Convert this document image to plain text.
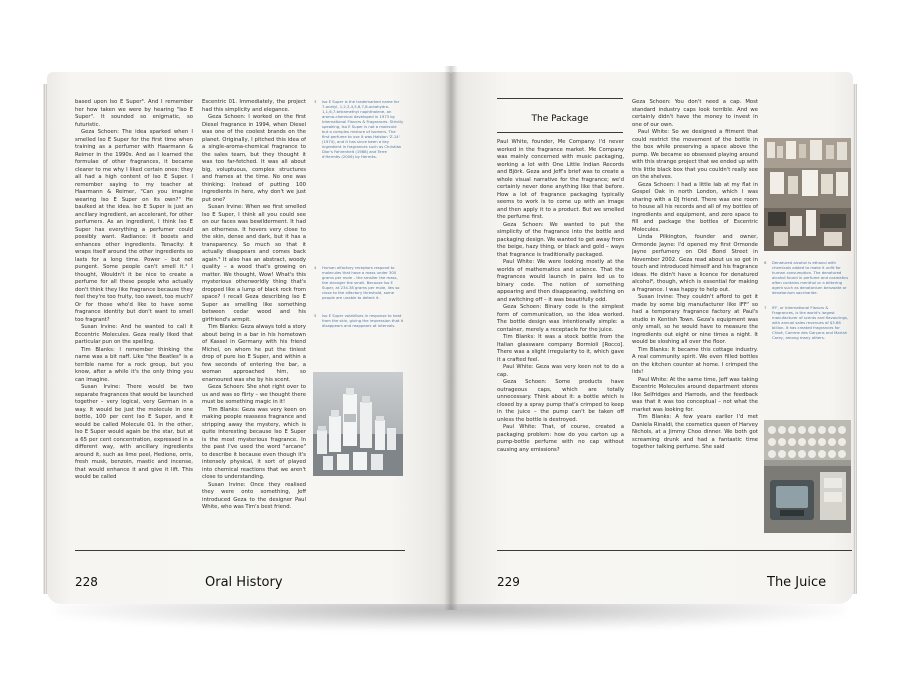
based upon Iso E Super³. And I remember her how taken we were by hearing "Iso E Super". It sounded so enigmatic, so futuristic.

Geza Schoen: The idea sparked when I smelled Iso E Super for the first time when training as a perfumer with Haarmann & Reimer in the 1990s. And as I learned the formulae of other fragrances, it became clearer to me why I liked certain ones: they all had a high content of Iso E Super. I remember saying to my teacher at Haarmann & Reimer, "Can you imagine wearing Iso E Super on its own?" He baulked at the idea. Iso E Super is just an ancillary ingredient, an accelerant, for other perfumers. As an ingredient, I think Iso E Super has everything a perfumer could possibly want. Radiance: it boosts and enhances other ingredients. Tenacity: it wraps itself around the other ingredients so lasts for a long time. Power – but not pungent. Some people can't smell it.⁴ I thought, Wouldn't it be nice to create a perfume for all these people who actually don't think they like fragrance because they feel they're too fruity, too sweet, too much? Or for those who'd like to have some fragrance identity but don't want to smell too fragrant?

Susan Irvine: And he wanted to call it Eccentric Molecules. Geza really liked that particular pun on the spelling.

Tim Blanks: I remember thinking the name was a bit naff. Like "the Beatles" is a terrible name for a rock group, but you know, after a while it's the only thing you can imagine.

Susan Irvine: There would be two separate fragrances that would be launched together – very logical, very German in a way. It would be just the molecule in one bottle, 100 per cent Iso E Super, and it would be called Molecule 01. In the other, Iso E Super would again be the star, but at a 65 per cent concentration, expressed in a different way, with ancillary ingredients around it, such as lime peel, Hedione, orris, fresh musk, benzoin, mastic and incense, that would enhance it and give it lift. This would be called

Escentric 01. Immediately, the project had this simplicity and elegance.

Geza Schoen: I worked on the first Diesel fragrance in 1994, when Diesel was one of the coolest brands on the planet. Originally, I pitched this idea of a single-aroma-chemical fragrance to the sales team, but they thought it was too far-fetched. It was all about big, voluptuous, complex structures and frames at the time. No one was thinking: Instead of putting 100 ingredients in here, why don't we just put one?

Susan Irvine: When we first smelled Iso E Super, I think all you could see on our faces was bewilderment. It had an otherness. It hovers very close to the skin, dense and dark, but it has a transparency. So much so that it actually disappears and comes back again.⁵ It also has an abstract, woody quality – a wood that's growing on matter. We thought, Wow! What's this mysterious otherworldly thing that's dropped like a lump of black rock from space? I recall Geza describing Iso E Super as smelling like something between cedar wood and his girlfriend's armpit.

Tim Blanks: Geza always told a story about being in a bar in his hometown of Kassel in Germany with his friend Michel, on whom he put the tiniest drop of pure Iso E Super, and within a few seconds of entering the bar, a woman approached him, so enamoured was she by his scent.

Geza Schoen: She shot right over to us and was so flirty – we thought there must be something magic in it!

Tim Blanks: Geza was very keen on making people reassess fragrance and stripping away the mystery, which is quite interesting because Iso E Super is the most mysterious fragrance. In the past I've used the word "arcane" to describe it because even though it's intensely physical, it sort of played into chemical reactions that we aren't close to understanding.

Susan Irvine: Once they realised they were onto something, Jeff introduced Geza to the designer Paul White, who was Tim's best friend.

3 Iso E Super is the trademarked name for 7-acetyl, 1,2,3,4,5,6,7,8-octahydro-1,1,6,7-tetramethyl naphthalene, an aroma-chemical developed in 1973 by International Flavors & Fragrances. Strictly speaking, Iso E Super is not a molecule but a complex mixture of isomers. The first perfume to use it was Halston 'Z-14' (1974), and it has since been a key ingredient in fragrances such as Christian Dior's Fahrenheit (1988) and Terre d'Hermès (2006) by Hermès.
4 Human olfactory receptors respond to molecules that have a mass under 300 grams per mole – the smaller the mass, the stronger the smell. Because Iso E Super, at 234.38 grams per mole, lies so close to the olfactory threshold, some people are unable to detect it.
5 Iso E Super volatilises in response to heat from the skin, giving the impression that it disappears and reappears at intervals.
228	Oral History
The Package

Paul White, founder, Me Company: I'd never worked in the fragrance market. Me Company was mainly concerned with music packaging, working a lot with One Little Indian Records and Björk. Geza and Jeff's brief was to create a whole visual narrative for the fragrance; we'd certainly never done anything like that before. How a lot of fragrance packaging typically seems to work is to come up with an image and then apply it to a product. But we smelled the perfume first.

Geza Schoen: We wanted to put the simplicity of the fragrance into the bottle and packaging design. We wanted to get away from the beige, hazy thing, or black and gold – ways that fragrance is traditionally packaged.

Paul White: We were looking mostly at the worlds of mathematics and science. That the fragrances would launch in pairs led us to binary code. The notion of something appearing and then disappearing, switching on and switching off – it was beautifully odd.

Geza Schoen: Binary code is the simplest form of communication, so the idea worked. The bottle design was intentionally simple: a container, merely a receptacle for the juice.

Tim Blanks: It was a stock bottle from the Italian glassware company Bormioli [Rocco]. There was a slight irregularity to it, which gave it a crafted feel.

Paul White: Geza was very keen not to do a cap.

Geza Schoen: Some products have outrageous caps, which are totally unnecessary. Think about it: a bottle which is closed by a spray pump that's crimped to keep in the juice – the pump can't be taken off unless the bottle is destroyed.

Paul White: That, of course, created a packaging problem: how do you carton up a pump-bottle perfume with no cap without causing any emissions?

Geza Schoen: You don't need a cap. Most standard industry caps look terrible. And we certainly didn't have the money to invest in one of our own.

Paul White: So we designed a fitment that could restrict the movement of the bottle in the box while preserving a space above the pump. We became so obsessed playing around with this strange project that we ended up with this little black box that you couldn't really see on the shelves.

Geza Schoen: I had a little lab at my flat in Gospel Oak in north London, which I was sharing with a DJ friend. There was one room to house all his records and all of my bottles of ingredients and equipment, and zero space to fill and package the bottles of Escentric Molecules.

Linda Pilkington, founder and owner, Ormonde Jayne: I'd opened my first Ormonde Jayne perfumery on Old Bond Street in November 2002. Geza read about us so got in touch and introduced himself and his fragrance ideas. He didn't have a licence for denatured alcohol⁶, though, which is essential for making a fragrance. I was happy to help out.

Susan Irvine: They couldn't afford to get it made by some big manufacturer like IFF⁷ so had a temporary fragrance factory at Paul's studio in Kentish Town. Geza's equipment was only small, so he would have to measure the ingredients out eight or nine times a night. It would be sloshing all over the floor.

Tim Blanks: It became this cottage industry. A real community spirit. We even filled bottles on the kitchen counter at home. I crimped the lids!

Paul White: At the same time, Jeff was taking Escentric Molecules around department stores like Selfridges and Harrods, and the feedback was that it was too conceptual – not what the market was looking for.

Tim Blanks: A few years earlier I'd met Daniela Rinaldi, the cosmetics queen of Harvey Nichols, at a Jimmy Choo dinner. We both got screaming drunk and had a fantastic time together talking perfume. She said

6 Denatured alcohol is ethanol with chemicals added to make it unfit for human consumption. The denatured alcohol found in perfume and cosmetics often contains menthol or a bittering agent such as denatonium benzoate or denatonium saccharide.
7 IFF, or International Flavors & Fragrances, is the world's largest manufacturer of scents and flavourings, with annual sales revenues of $3.66 billion. It has created fragrances for Chloé, Comme des Garçons and Mariah Carey, among many others.
229	The Juice
